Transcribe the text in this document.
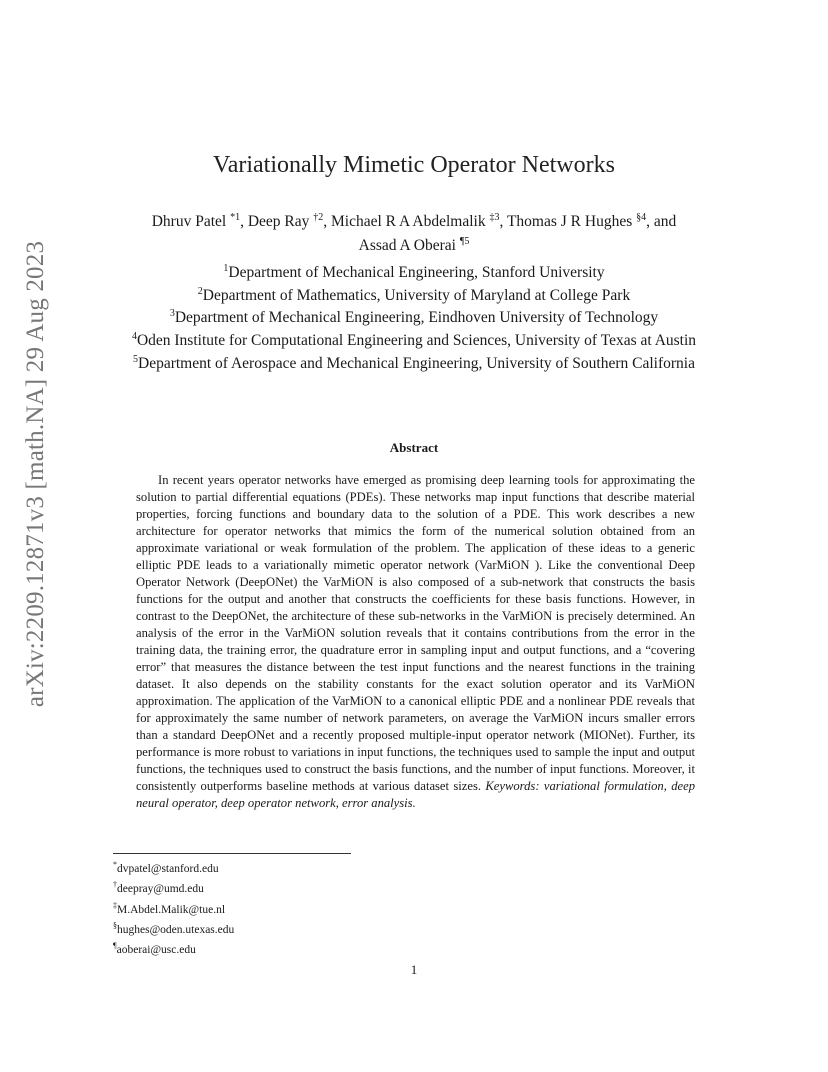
arXiv:2209.12871v3 [math.NA] 29 Aug 2023
Variationally Mimetic Operator Networks
Dhruv Patel $^{*1}$, Deep Ray $^{\dagger 2}$, Michael R A Abdelmalik $^{\ddagger 3}$, Thomas J R Hughes $^{\S 4}$, and
Assad A Oberai $^{\P 5}$
$^1$Department of Mechanical Engineering, Stanford University
$^2$Department of Mathematics, University of Maryland at College Park
$^3$Department of Mechanical Engineering, Eindhoven University of Technology
$^4$Oden Institute for Computational Engineering and Sciences, University of Texas at Austin
$^5$Department of Aerospace and Mechanical Engineering, University of Southern California
Abstract

In recent years operator networks have emerged as promising deep learning tools for approximating the solution to partial differential equations (PDEs). These networks map input functions that describe material properties, forcing functions and boundary data to the solution of a PDE. This work describes a new architecture for operator networks that mimics the form of the numerical solution obtained from an approximate variational or weak formulation of the problem. The application of these ideas to a generic elliptic PDE leads to a variationally mimetic operator network (VarMiON ). Like the conventional Deep Operator Network (DeepONet) the VarMiON is also composed of a sub-network that constructs the basis functions for the output and another that constructs the coefficients for these basis functions. However, in contrast to the DeepONet, the architecture of these sub-networks in the VarMiON is precisely determined. An analysis of the error in the VarMiON solution reveals that it contains contributions from the error in the training data, the training error, the quadrature error in sampling input and output functions, and a “covering error” that measures the distance between the test input functions and the nearest functions in the training dataset. It also depends on the stability constants for the exact solution operator and its VarMiON approximation. The application of the VarMiON to a canonical elliptic PDE and a nonlinear PDE reveals that for approximately the same number of network parameters, on average the VarMiON incurs smaller errors than a standard DeepONet and a recently proposed multiple-input operator network (MIONet). Further, its performance is more robust to variations in input functions, the techniques used to sample the input and output functions, the techniques used to construct the basis functions, and the number of input functions. Moreover, it consistently outperforms baseline methods at various dataset sizes. Keywords: variational formulation, deep neural operator, deep operator network, error analysis.

*dvpatel@stanford.edu
†deepray@umd.edu
‡M.Abdel.Malik@tue.nl
§hughes@oden.utexas.edu
¶aoberai@usc.edu
1
